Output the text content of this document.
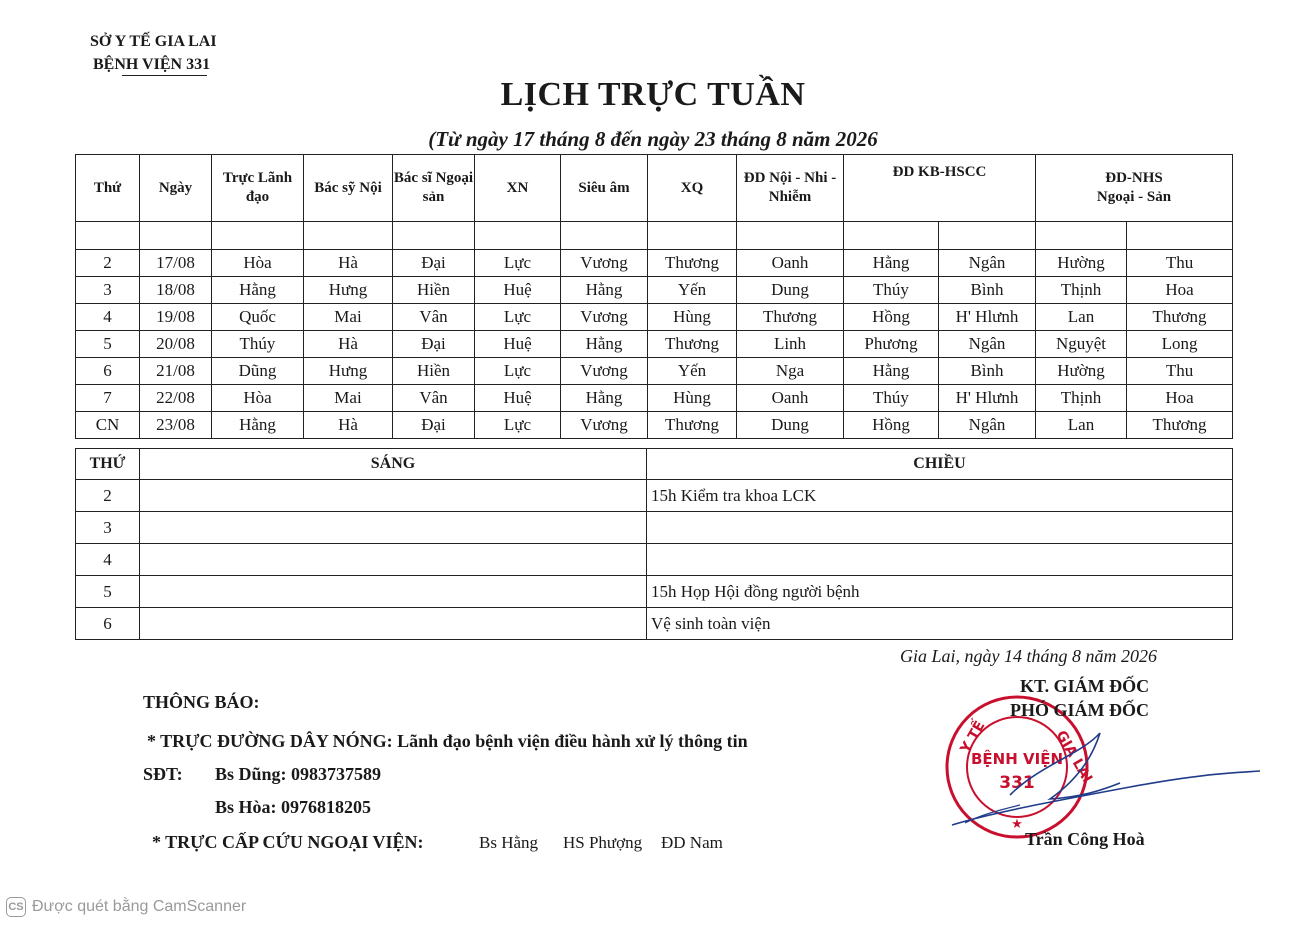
SỞ Y TẾ GIA LAI
BỆNH VIỆN 331
LỊCH TRỰC TUẦN
(Từ ngày 17 tháng 8 đến ngày 23 tháng 8 năm 2026
Thứ	Ngày	Trực Lãnh đạo	Bác sỹ Nội	Bác sĩ Ngoại sản	XN	Siêu âm	XQ	ĐD Nội - Nhi - Nhiễm	ĐD KB-HSCC		ĐD-NHS
Ngoại - Sản	

2	17/08	Hòa	Hà	Đại	Lực	Vương	Thương	Oanh	Hằng	Ngân	Hường	Thu
3	18/08	Hằng	Hưng	Hiền	Huệ	Hằng	Yến	Dung	Thúy	Bình	Thịnh	Hoa
4	19/08	Quốc	Mai	Vân	Lực	Vương	Hùng	Thương	Hồng	H' Hlưnh	Lan	Thương
5	20/08	Thúy	Hà	Đại	Huệ	Hằng	Thương	Linh	Phương	Ngân	Nguyệt	Long
6	21/08	Dũng	Hưng	Hiền	Lực	Vương	Yến	Nga	Hằng	Bình	Hường	Thu
7	22/08	Hòa	Mai	Vân	Huệ	Hằng	Hùng	Oanh	Thúy	H' Hlưnh	Thịnh	Hoa
CN	23/08	Hằng	Hà	Đại	Lực	Vương	Thương	Dung	Hồng	Ngân	Lan	Thương
THỨ	SÁNG	CHIỀU
2		15h Kiểm tra khoa LCK
3		
4		
5		15h Họp Hội đồng người bệnh
6		Vệ sinh toàn viện
Gia Lai, ngày 14 tháng 8 năm 2026
Y TẾ	GIA LAI
BỆNH VIỆN
331
★
KT. GIÁM ĐỐC
PHÓ GIÁM ĐỐC
Trần Công Hoà
THÔNG BÁO:
* TRỰC ĐƯỜNG DÂY NÓNG: Lãnh đạo bệnh viện điều hành xử lý thông tin
SĐT: Bs Dũng: 0983737589
Bs Hòa: 0976818205
* TRỰC CẤP CỨU NGOẠI VIỆN:	Bs Hằng HS Phượng ĐD Nam
CS Được quét bằng CamScanner
